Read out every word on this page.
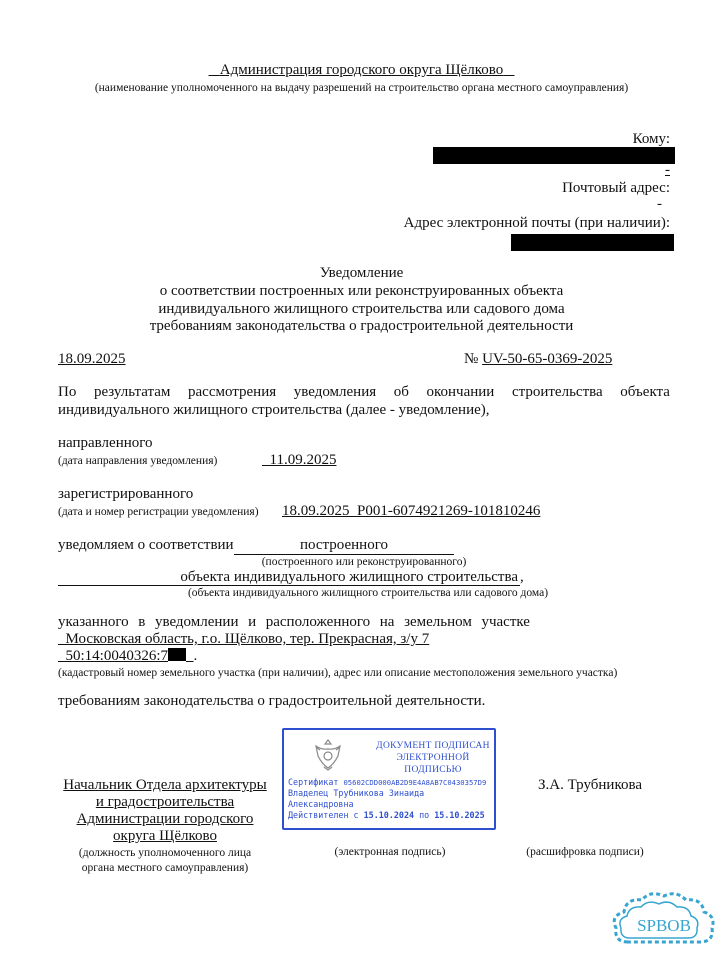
Администрация городского округа Щёлково
(наименование уполномоченного на выдачу разрешений на строительство органа местного самоуправления)
Кому:
-
Почтовый адрес:
-
Адрес электронной почты (при наличии):
Уведомление
о соответствии построенных или реконструированных объекта
индивидуального жилищного строительства или садового дома
требованиям законодательства о градостроительной деятельности
18.09.2025	№ UV-50-65-0369-2025
По результатам рассмотрения уведомления об окончании строительства объекта
индивидуального жилищного строительства (далее - уведомление),
направленного
(дата направления уведомления)	11.09.2025
зарегистрированного
(дата и номер регистрации уведомления) 18.09.2025  P001-6074921269-101810246
уведомляем о соответствии	построенного
(построенного или реконструированного)
объекта индивидуального жилищного строительства ,
(объекта индивидуального жилищного строительства или садового дома)
указанного в уведомлении и расположенного на земельном участке
Московская область, г.о. Щёлково, тер. Прекрасная, з/у 7
50:14:0040326:7 .
(кадастровый номер земельного участка (при наличии), адрес или описание местоположения земельного участка)
требованиям законодательства о градостроительной деятельности.
Начальник Отдела архитектуры
и градостроительства
Администрации городского
округа Щёлково
(должность уполномоченного лица
органа местного самоуправления)
(электронная подпись)
З.А. Трубникова
(расшифровка подписи)
ДОКУМЕНТ ПОДПИСАН
ЭЛЕКТРОННОЙ ПОДПИСЬЮ
Сертификат 05602CDD000AB2D9E4A8AB7C0430357D9
Владелец Трубникова Зинаида
Александровна
Действителен с 15.10.2024 по 15.10.2025
SPBOB
